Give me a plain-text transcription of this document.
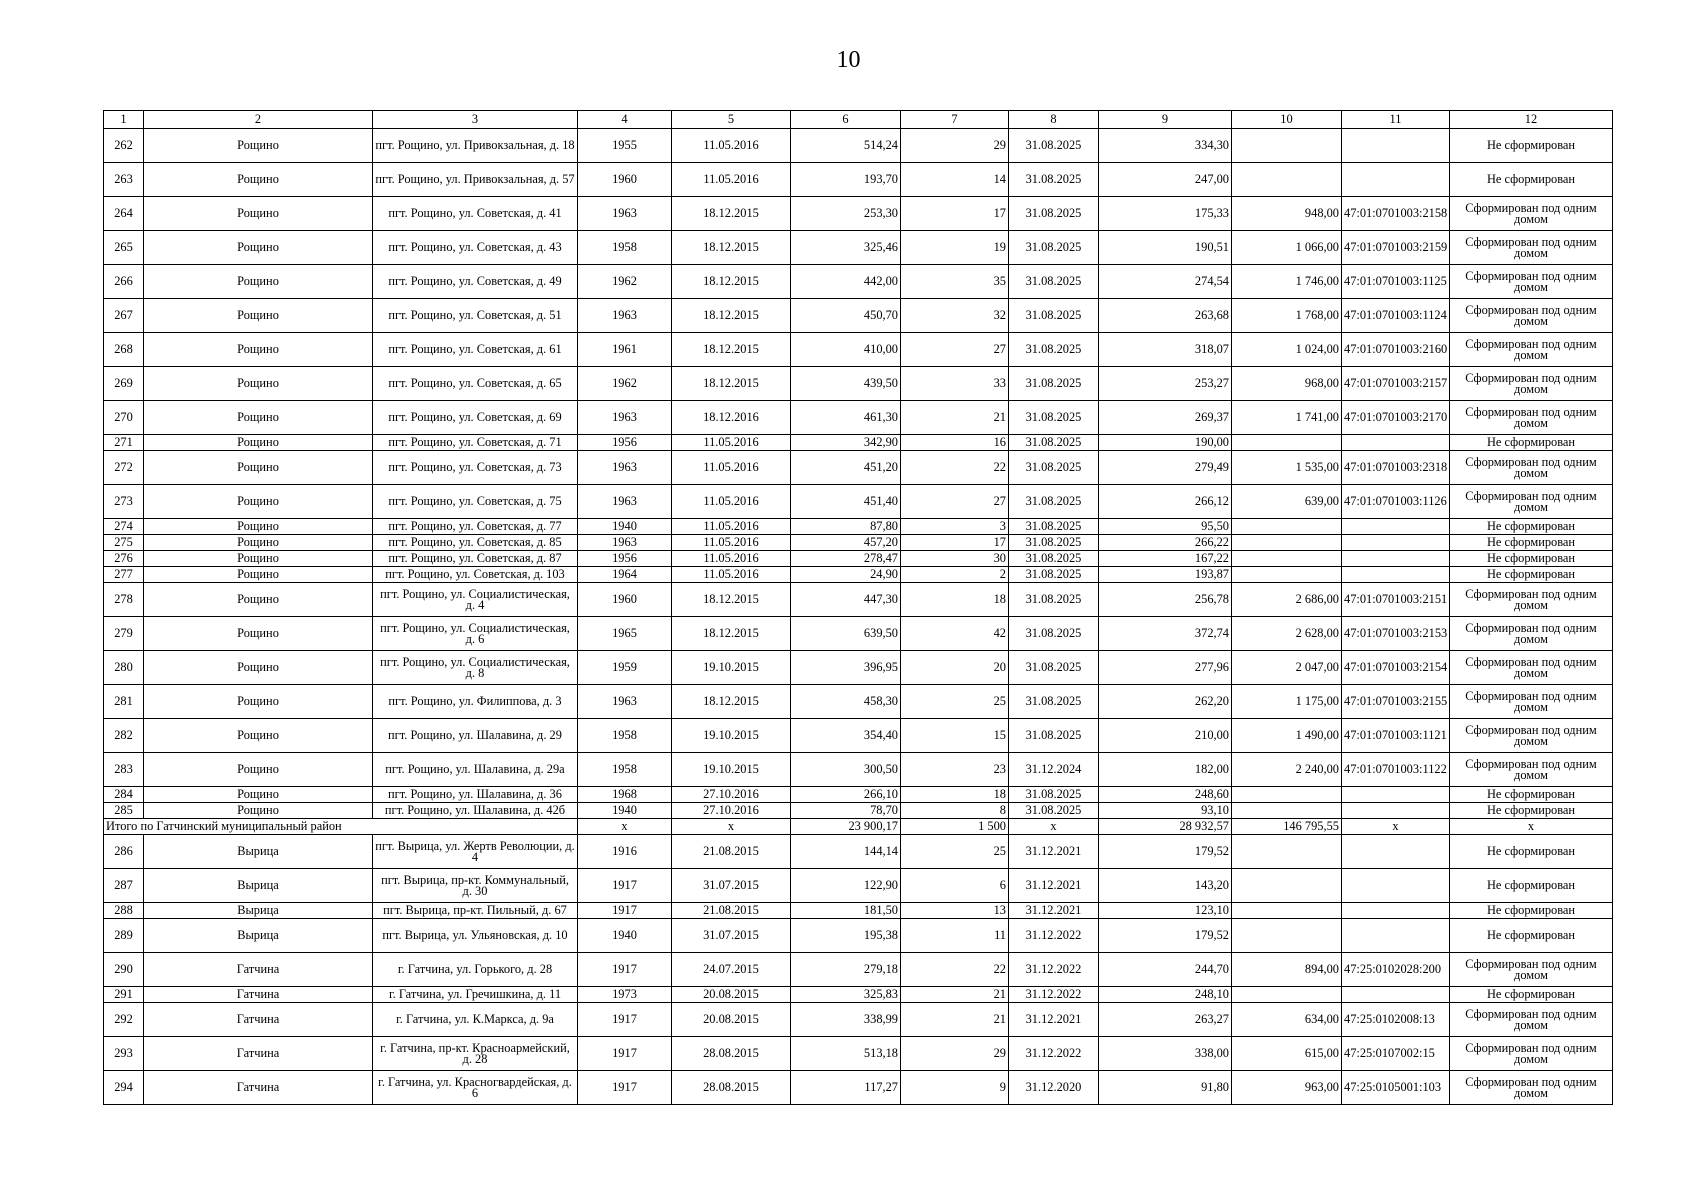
10
1	2	3	4	5	6	7	8	9	10	11	12
262	Рощино	пгт. Рощино, ул. Привокзальная, д. 18	1955	11.05.2016	514,24	29	31.08.2025	334,30			Не сформирован
263	Рощино	пгт. Рощино, ул. Привокзальная, д. 57	1960	11.05.2016	193,70	14	31.08.2025	247,00			Не сформирован
264	Рощино	пгт. Рощино, ул. Советская, д. 41	1963	18.12.2015	253,30	17	31.08.2025	175,33	948,00	47:01:0701003:2158	Сформирован под одним домом
265	Рощино	пгт. Рощино, ул. Советская, д. 43	1958	18.12.2015	325,46	19	31.08.2025	190,51	1 066,00	47:01:0701003:2159	Сформирован под одним домом
266	Рощино	пгт. Рощино, ул. Советская, д. 49	1962	18.12.2015	442,00	35	31.08.2025	274,54	1 746,00	47:01:0701003:1125	Сформирован под одним домом
267	Рощино	пгт. Рощино, ул. Советская, д. 51	1963	18.12.2015	450,70	32	31.08.2025	263,68	1 768,00	47:01:0701003:1124	Сформирован под одним домом
268	Рощино	пгт. Рощино, ул. Советская, д. 61	1961	18.12.2015	410,00	27	31.08.2025	318,07	1 024,00	47:01:0701003:2160	Сформирован под одним домом
269	Рощино	пгт. Рощино, ул. Советская, д. 65	1962	18.12.2015	439,50	33	31.08.2025	253,27	968,00	47:01:0701003:2157	Сформирован под одним домом
270	Рощино	пгт. Рощино, ул. Советская, д. 69	1963	18.12.2016	461,30	21	31.08.2025	269,37	1 741,00	47:01:0701003:2170	Сформирован под одним домом
271	Рощино	пгт. Рощино, ул. Советская, д. 71	1956	11.05.2016	342,90	16	31.08.2025	190,00			Не сформирован
272	Рощино	пгт. Рощино, ул. Советская, д. 73	1963	11.05.2016	451,20	22	31.08.2025	279,49	1 535,00	47:01:0701003:2318	Сформирован под одним домом
273	Рощино	пгт. Рощино, ул. Советская, д. 75	1963	11.05.2016	451,40	27	31.08.2025	266,12	639,00	47:01:0701003:1126	Сформирован под одним домом
274	Рощино	пгт. Рощино, ул. Советская, д. 77	1940	11.05.2016	87,80	3	31.08.2025	95,50			Не сформирован
275	Рощино	пгт. Рощино, ул. Советская, д. 85	1963	11.05.2016	457,20	17	31.08.2025	266,22			Не сформирован
276	Рощино	пгт. Рощино, ул. Советская, д. 87	1956	11.05.2016	278,47	30	31.08.2025	167,22			Не сформирован
277	Рощино	пгт. Рощино, ул. Советская, д. 103	1964	11.05.2016	24,90	2	31.08.2025	193,87			Не сформирован
278	Рощино	пгт. Рощино, ул. Социалистическая, д. 4	1960	18.12.2015	447,30	18	31.08.2025	256,78	2 686,00	47:01:0701003:2151	Сформирован под одним домом
279	Рощино	пгт. Рощино, ул. Социалистическая, д. 6	1965	18.12.2015	639,50	42	31.08.2025	372,74	2 628,00	47:01:0701003:2153	Сформирован под одним домом
280	Рощино	пгт. Рощино, ул. Социалистическая, д. 8	1959	19.10.2015	396,95	20	31.08.2025	277,96	2 047,00	47:01:0701003:2154	Сформирован под одним домом
281	Рощино	пгт. Рощино, ул. Филиппова, д. 3	1963	18.12.2015	458,30	25	31.08.2025	262,20	1 175,00	47:01:0701003:2155	Сформирован под одним домом
282	Рощино	пгт. Рощино, ул. Шалавина, д. 29	1958	19.10.2015	354,40	15	31.08.2025	210,00	1 490,00	47:01:0701003:1121	Сформирован под одним домом
283	Рощино	пгт. Рощино, ул. Шалавина, д. 29а	1958	19.10.2015	300,50	23	31.12.2024	182,00	2 240,00	47:01:0701003:1122	Сформирован под одним домом
284	Рощино	пгт. Рощино, ул. Шалавина, д. 36	1968	27.10.2016	266,10	18	31.08.2025	248,60			Не сформирован
285	Рощино	пгт. Рощино, ул. Шалавина, д. 42б	1940	27.10.2016	78,70	8	31.08.2025	93,10			Не сформирован
Итого по Гатчинский муниципальный район			x	x	23 900,17	1 500	x	28 932,57	146 795,55	x	x
286	Вырица	пгт. Вырица, ул. Жертв Революции, д. 4	1916	21.08.2015	144,14	25	31.12.2021	179,52			Не сформирован
287	Вырица	пгт. Вырица, пр-кт. Коммунальный, д. 30	1917	31.07.2015	122,90	6	31.12.2021	143,20			Не сформирован
288	Вырица	пгт. Вырица, пр-кт. Пильный, д. 67	1917	21.08.2015	181,50	13	31.12.2021	123,10			Не сформирован
289	Вырица	пгт. Вырица, ул. Ульяновская, д. 10	1940	31.07.2015	195,38	11	31.12.2022	179,52			Не сформирован
290	Гатчина	г. Гатчина, ул. Горького, д. 28	1917	24.07.2015	279,18	22	31.12.2022	244,70	894,00	47:25:0102028:200	Сформирован под одним домом
291	Гатчина	г. Гатчина, ул. Гречишкина, д. 11	1973	20.08.2015	325,83	21	31.12.2022	248,10			Не сформирован
292	Гатчина	г. Гатчина, ул. К.Маркса, д. 9а	1917	20.08.2015	338,99	21	31.12.2021	263,27	634,00	47:25:0102008:13	Сформирован под одним домом
293	Гатчина	г. Гатчина, пр-кт. Красноармейский, д. 28	1917	28.08.2015	513,18	29	31.12.2022	338,00	615,00	47:25:0107002:15	Сформирован под одним домом
294	Гатчина	г. Гатчина, ул. Красногвардейская, д. 6	1917	28.08.2015	117,27	9	31.12.2020	91,80	963,00	47:25:0105001:103	Сформирован под одним домом
